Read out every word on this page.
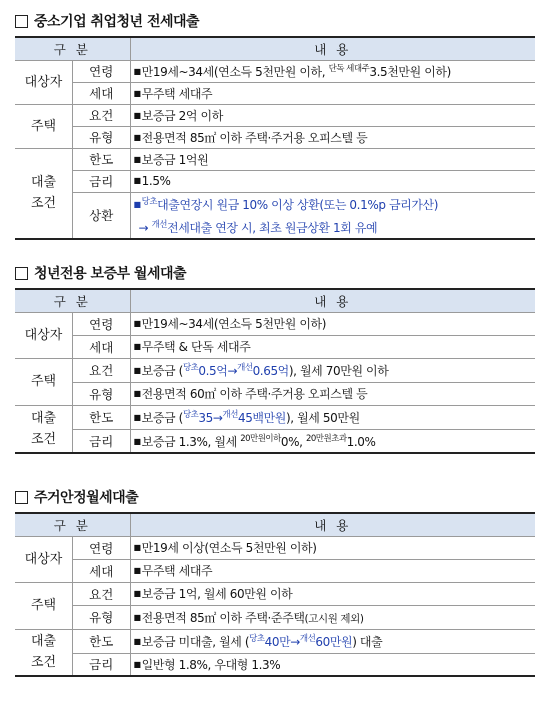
중소기업 취업청년 전세대출
구 분		내 용
대상자	연령	■만19세~34세(연소득 5천만원 이하, $^{단독 세대주}$3.5천만원 이하)
	세대	■무주택 세대주
주택	요건	■보증금 2억 이하
	유형	■전용면적 85㎡ 이하 주택·주거용 오피스텔 등
대출
조건	한도	■보증금 1억원
	금리	■1.5%
	상환	■$^{당초}$대출연장시 원금 10% 이상 상환(또는 0.1%p 금리가산)
→ $^{개선}$전세대출 연장 시, 최초 원금상환 1회 유예
청년전용 보증부 월세대출
구 분		내 용
대상자	연령	■만19세~34세(연소득 5천만원 이하)
	세대	■무주택 & 단독 세대주
주택	요건	■보증금 ($^{당초}$0.5억→$^{개선}$0.65억), 월세 70만원 이하
	유형	■전용면적 60㎡ 이하 주택·주거용 오피스텔 등
대출
조건	한도	■보증금 ($^{당초}$35→$^{개선}$45백만원), 월세 50만원
	금리	■보증금 1.3%, 월세 $^{20만원이하}$0%, $^{20만원초과}$1.0%
주거안정월세대출
구 분		내 용
대상자	연령	■만19세 이상(연소득 5천만원 이하)
	세대	■무주택 세대주
주택	요건	■보증금 1억, 월세 60만원 이하
	유형	■전용면적 85㎡ 이하 주택·준주택(고시원 제외)
대출
조건	한도	■보증금 미대출, 월세 ($^{당초}$40만→$^{개선}$60만원) 대출
	금리	■일반형 1.8%, 우대형 1.3%
